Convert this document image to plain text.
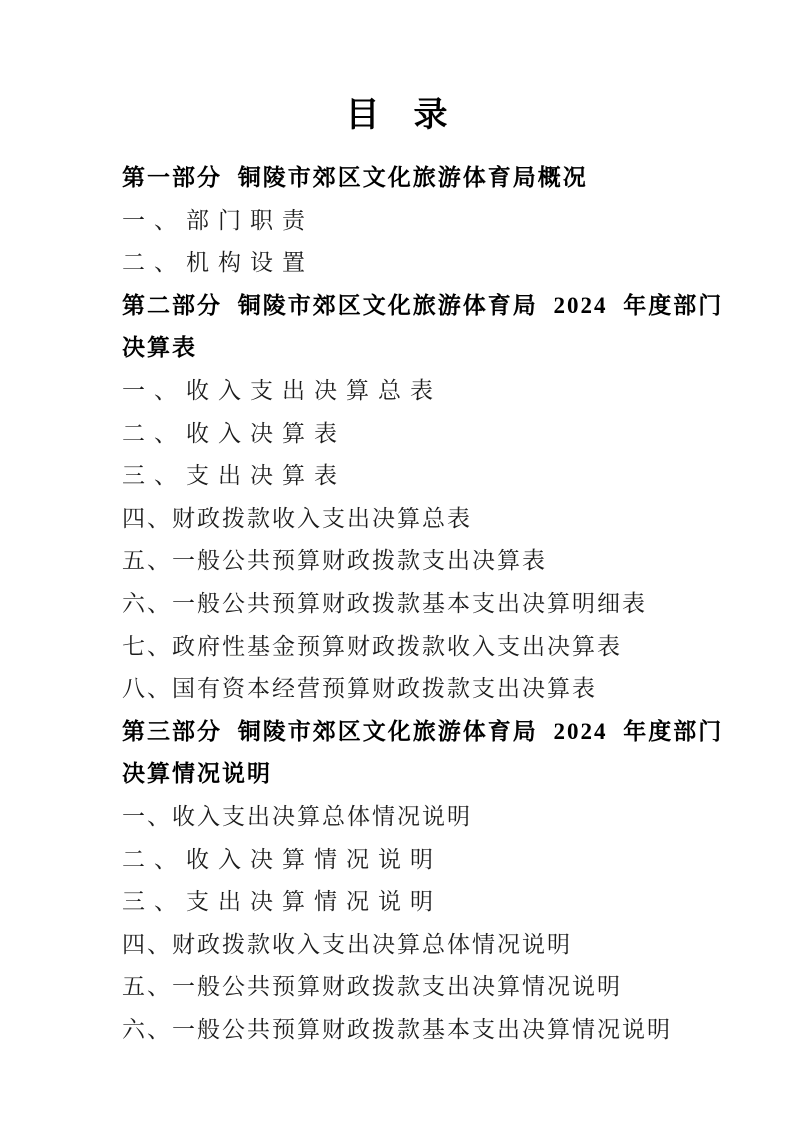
目　录
第一部分 铜陵市郊区文化旅游体育局概况
一、部门职责
二、机构设置
第二部分 铜陵市郊区文化旅游体育局 2024 年度部门
决算表
一、收入支出决算总表
二、收入决算表
三、支出决算表
四、财政拨款收入支出决算总表
五、一般公共预算财政拨款支出决算表
六、一般公共预算财政拨款基本支出决算明细表
七、政府性基金预算财政拨款收入支出决算表
八、国有资本经营预算财政拨款支出决算表
第三部分 铜陵市郊区文化旅游体育局 2024 年度部门
决算情况说明
一、收入支出决算总体情况说明
二、收入决算情况说明
三、支出决算情况说明
四、财政拨款收入支出决算总体情况说明
五、一般公共预算财政拨款支出决算情况说明
六、一般公共预算财政拨款基本支出决算情况说明
